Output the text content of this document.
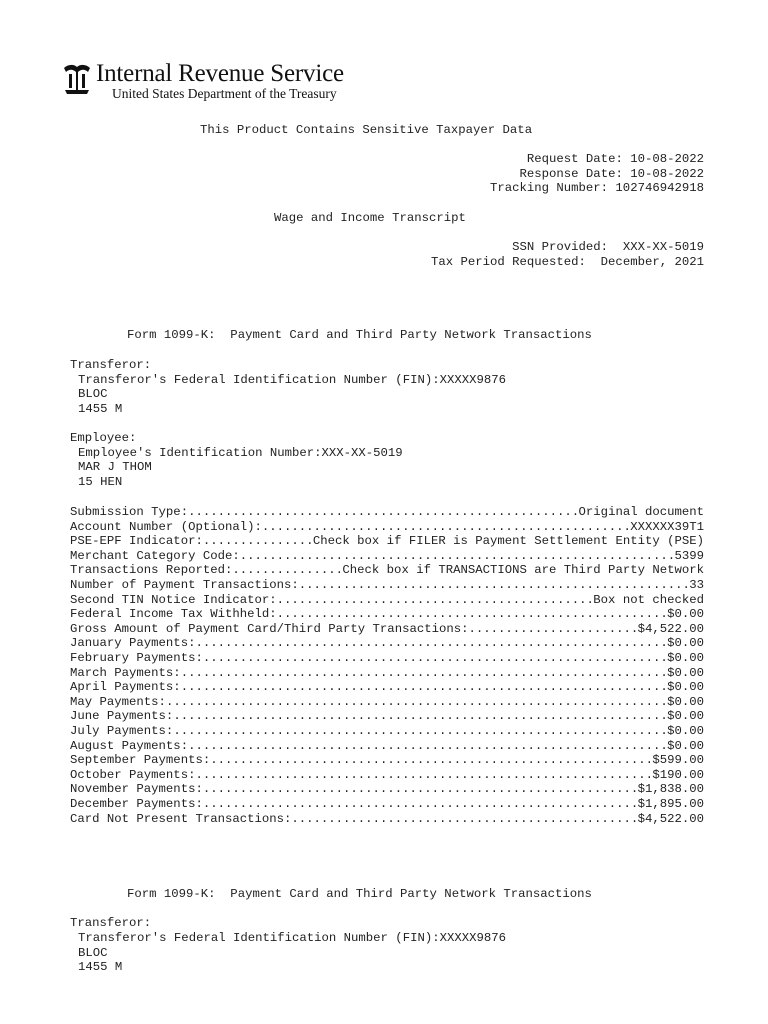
Internal Revenue Service
United States Department of the Treasury
This Product Contains Sensitive Taxpayer Data
Request Date: 10-08-2022
Response Date: 10-08-2022
Tracking Number: 102746942918
Wage and Income Transcript
SSN Provided:  XXX-XX-5019
Tax Period Requested:  December, 2021
Form 1099-K:  Payment Card and Third Party Network Transactions
Transferor:
Transferor's Federal Identification Number (FIN):XXXXX9876
BLOC
1455 M
Employee:
Employee's Identification Number:XXX-XX-5019
MAR J THOM
15 HEN
Submission Type: .....	Original document
Account Number (Optional): .....	XXXXXX39T1
PSE-EPF Indicator: .....	Check box if FILER is Payment Settlement Entity (PSE)
Merchant Category Code: .....	5399
Transactions Reported: .....	Check box if TRANSACTIONS are Third Party Network
Number of Payment Transactions: .....	33
Second TIN Notice Indicator: .....	Box not checked
Federal Income Tax Withheld: .....	$0.00
Gross Amount of Payment Card/Third Party Transactions: .....	$4,522.00
January Payments: .....	$0.00
February Payments: .....	$0.00
March Payments: .....	$0.00
April Payments: .....	$0.00
May Payments: .....	$0.00
June Payments: .....	$0.00
July Payments: .....	$0.00
August Payments: .....	$0.00
September Payments: .....	$599.00
October Payments: .....	$190.00
November Payments: .....	$1,838.00
December Payments: .....	$1,895.00
Card Not Present Transactions: .....	$4,522.00
Form 1099-K:  Payment Card and Third Party Network Transactions
Transferor:
Transferor's Federal Identification Number (FIN):XXXXX9876
BLOC
1455 M
